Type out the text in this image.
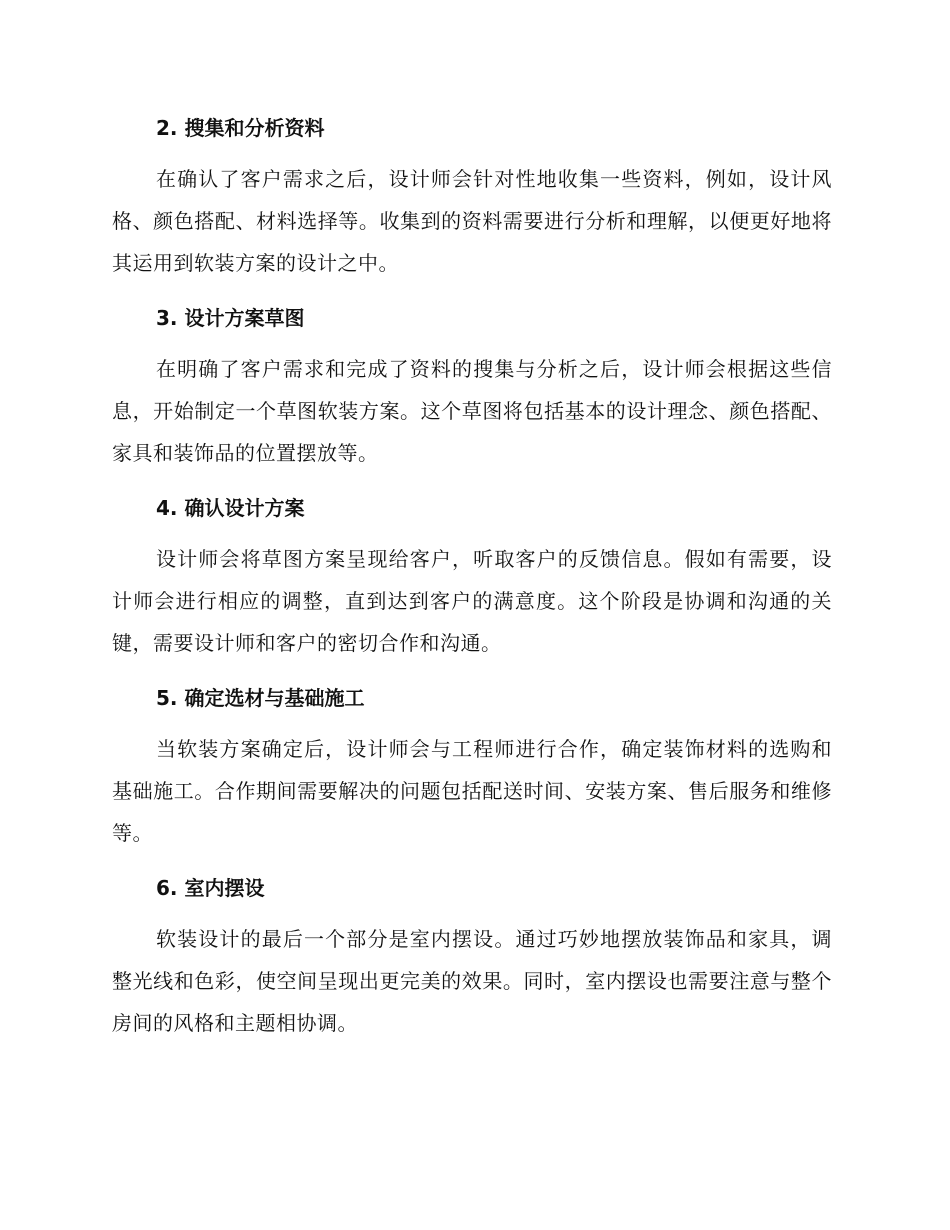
2. 搜集和分析资料

在确认了客户需求之后，设计师会针对性地收集一些资料，例如，设计风格、颜色搭配、材料选择等。收集到的资料需要进行分析和理解，以便更好地将其运用到软装方案的设计之中。

3. 设计方案草图

在明确了客户需求和完成了资料的搜集与分析之后，设计师会根据这些信息，开始制定一个草图软装方案。这个草图将包括基本的设计理念、颜色搭配、家具和装饰品的位置摆放等。

4. 确认设计方案

设计师会将草图方案呈现给客户，听取客户的反馈信息。假如有需要，设计师会进行相应的调整，直到达到客户的满意度。这个阶段是协调和沟通的关键，需要设计师和客户的密切合作和沟通。

5. 确定选材与基础施工

当软装方案确定后，设计师会与工程师进行合作，确定装饰材料的选购和基础施工。合作期间需要解决的问题包括配送时间、安装方案、售后服务和维修等。

6. 室内摆设

软装设计的最后一个部分是室内摆设。通过巧妙地摆放装饰品和家具，调整光线和色彩，使空间呈现出更完美的效果。同时，室内摆设也需要注意与整个房间的风格和主题相协调。
